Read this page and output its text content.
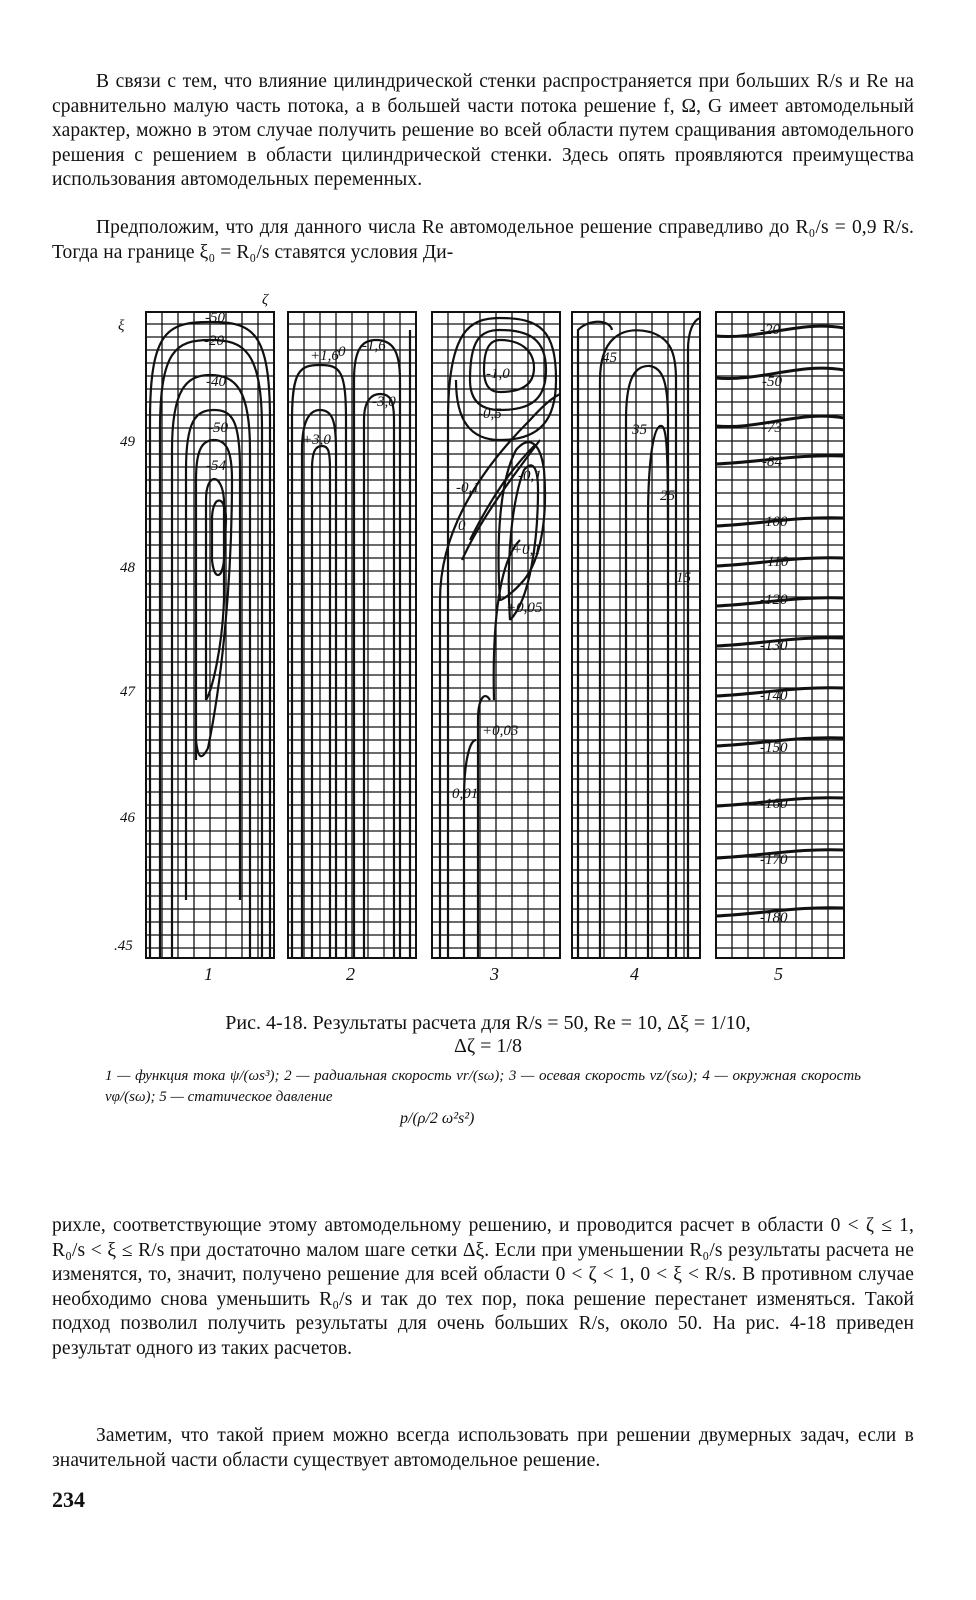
В связи с тем, что влияние цилиндрической стенки распространяется при больших R/s и Re на сравнительно малую часть потока, а в большей части потока решение f, Ω, G имеет автомодельный характер, можно в этом случае получить решение во всей области путем сращивания автомодельного решения с решением в области цилиндрической стенки. Здесь опять проявляются преимущества использования автомодельных переменных.

Предположим, что для данного числа Re автомодельное решение справедливо до R₀/s = 0,9 R/s. Тогда на границе ξ₀ = R₀/s ставятся условия Ди-

1	2	3	4	5
ξ
ζ
49
48
47
46
.45
-50
-20
-40
-50
-54
+1,6 0 -1,6
-3,0
+3,0
-1,0
-0,5
-0,1
0
-0,1
+0,1
+0,05
+0,03
0,01
45
35
25
15
-20
-50
-73
-84
-100
-110
-120
-130
-140
-150
-160
-170
-180
Рис. 4-18. Результаты расчета для R/s = 50, Re = 10, Δξ = 1/10,
Δζ = 1/8
1 — функция тока ψ/(ωs³); 2 — радиальная скорость vr/(sω); 3 — осевая скорость vz/(sω); 4 — окружная скорость vφ/(sω); 5 — статическое давление
p/(ρ/2 ω²s²)

рихле, соответствующие этому автомодельному решению, и проводится расчет в области 0 < ζ ≤ 1, R₀/s < ξ ≤ R/s при достаточно малом шаге сетки Δξ. Если при уменьшении R₀/s результаты расчета не изменятся, то, значит, получено решение для всей области 0 < ζ < 1, 0 < ξ < R/s. В противном случае необходимо снова уменьшить R₀/s и так до тех пор, пока решение перестанет изменяться. Такой подход позволил получить результаты для очень больших R/s, около 50. На рис. 4-18 приведен результат одного из таких расчетов.

Заметим, что такой прием можно всегда использовать при решении двумерных задач, если в значительной части области существует автомодельное решение.

234
